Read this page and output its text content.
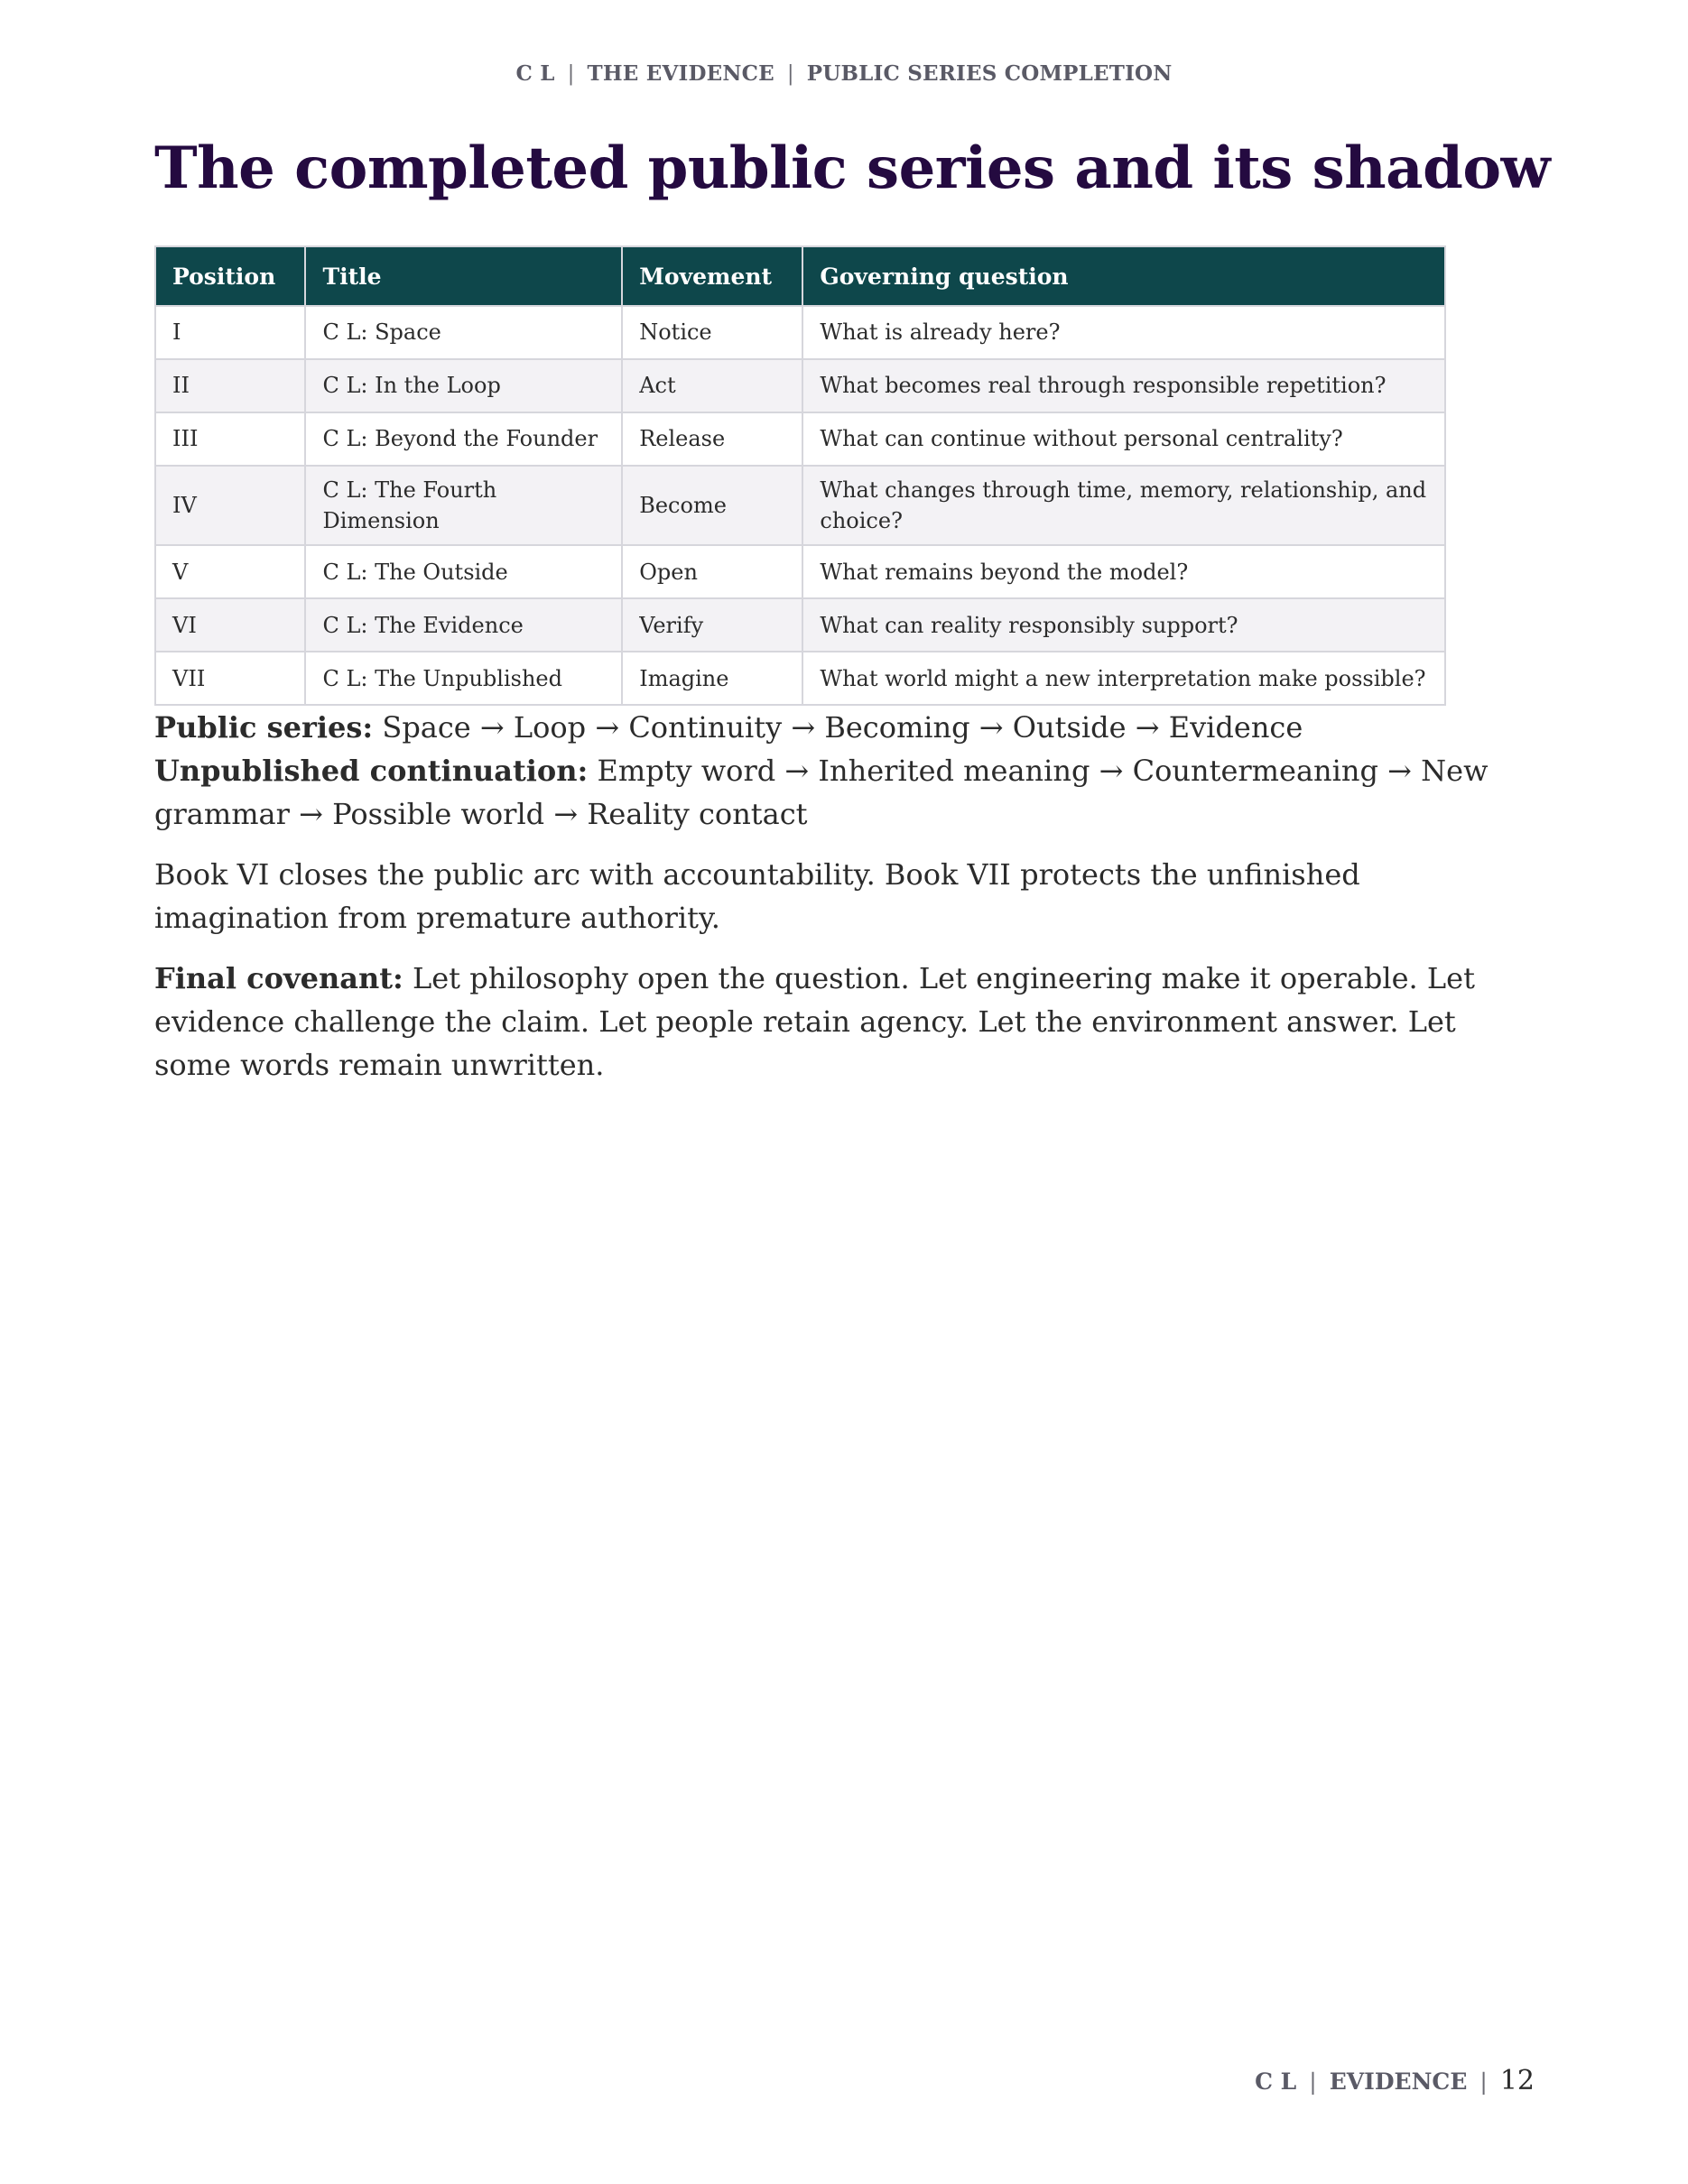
C L | THE EVIDENCE | PUBLIC SERIES COMPLETION
The completed public series and its shadow
Position	Title	Movement	Governing question
I	C L: Space	Notice	What is already here?
II	C L: In the Loop	Act	What becomes real through responsible repetition?
III	C L: Beyond the Founder	Release	What can continue without personal centrality?
IV	C L: The Fourth Dimension	Become	What changes through time, memory, relationship, and choice?
V	C L: The Outside	Open	What remains beyond the model?
VI	C L: The Evidence	Verify	What can reality responsibly support?
VII	C L: The Unpublished	Imagine	What world might a new interpretation make possible?

Public series: Space → Loop → Continuity → Becoming → Outside → Evidence

Unpublished continuation: Empty word → Inherited meaning → Countermeaning → New grammar → Possible world → Reality contact

Book VI closes the public arc with accountability. Book VII protects the unfinished imagination from premature authority.

Final covenant: Let philosophy open the question. Let engineering make it operable. Let evidence challenge the claim. Let people retain agency. Let the environment answer. Let some words remain unwritten.

C L | EVIDENCE | 12
